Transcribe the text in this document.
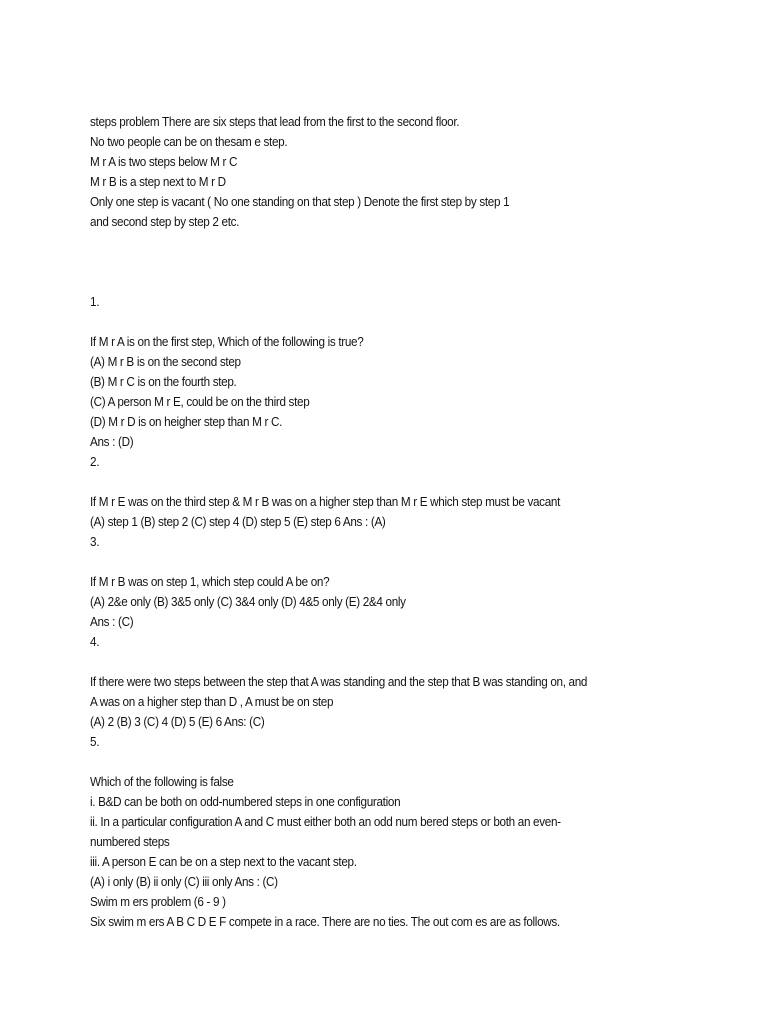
steps problem There are six steps that lead from the first to the second floor.
No two people can be on thesam e step.
M r A is two steps below M r C
M r B is a step next to M r D
Only one step is vacant ( No one standing on that step ) Denote the first step by step 1
and second step by step 2 etc.
1.
If M r A is on the first step, Which of the following is true?
(A) M r B is on the second step
(B) M r C is on the fourth step.
(C) A person M r E, could be on the third step
(D) M r D is on heigher step than M r C.
Ans : (D)
2.
If M r E was on the third step & M r B was on a higher step than M r E which step must be vacant
(A) step 1 (B) step 2 (C) step 4 (D) step 5 (E) step 6 Ans : (A)
3.
If M r B was on step 1, which step could A be on?
(A) 2&e only (B) 3&5 only (C) 3&4 only (D) 4&5 only (E) 2&4 only
Ans : (C)
4.
If there were two steps between the step that A was standing and the step that B was standing on, and
A was on a higher step than D , A must be on step
(A) 2 (B) 3 (C) 4 (D) 5 (E) 6 Ans: (C)
5.
Which of the following is false
i. B&D can be both on odd-numbered steps in one configuration
ii. In a particular configuration A and C must either both an odd num bered steps or both an even-
numbered steps
iii. A person E can be on a step next to the vacant step.
(A) i only (B) ii only (C) iii only Ans : (C)
Swim m ers problem (6 - 9 )
Six swim m ers A B C D E F compete in a race. There are no ties. The out com es are as follows.
